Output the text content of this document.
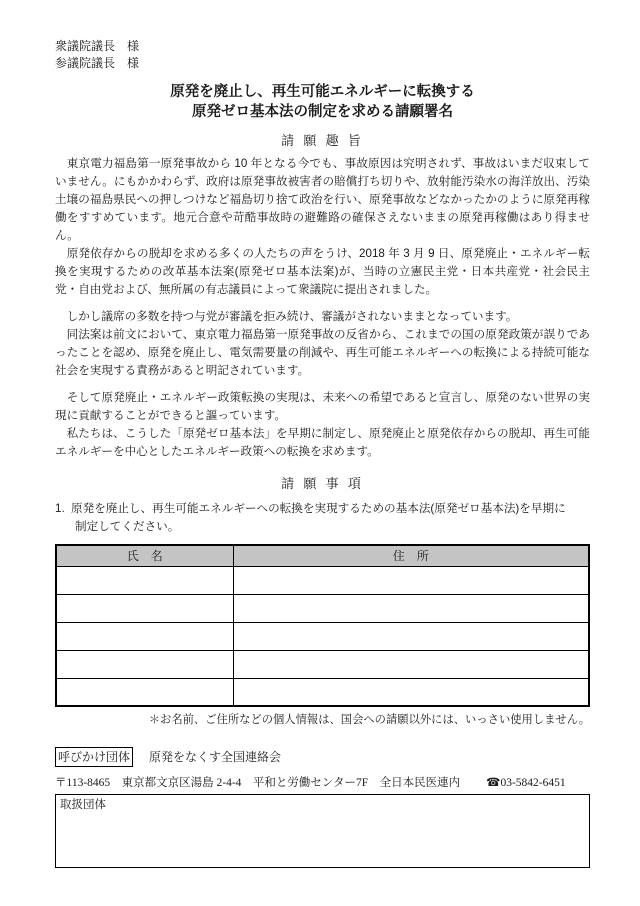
衆議院議長　様
参議院議長　様
原発を廃止し、再生可能エネルギーに転換する
原発ゼロ基本法の制定を求める請願署名
請 願 趣 旨

　東京電力福島第一原発事故から 10 年となる今でも、事故原因は究明されず、事故はいまだ収束していません。にもかかわらず、政府は原発事故被害者の賠償打ち切りや、放射能汚染水の海洋放出、汚染土壌の福島県民への押しつけなど福島切り捨て政治を行い、原発事故などなかったかのように原発再稼働をすすめています。地元合意や苛酷事故時の避難路の確保さえないままの原発再稼働はあり得ません。

　原発依存からの脱却を求める多くの人たちの声をうけ、2018 年 3 月 9 日、原発廃止・エネルギー転換を実現するための改革基本法案(原発ゼロ基本法案)が、当時の立憲民主党・日本共産党・社会民主党・自由党および、無所属の有志議員によって衆議院に提出されました。

　しかし議席の多数を持つ与党が審議を拒み続け、審議がされないままとなっています。

　同法案は前文において、東京電力福島第一原発事故の反省から、これまでの国の原発政策が誤りであったことを認め、原発を廃止し、電気需要量の削減や、再生可能エネルギーへの転換による持続可能な社会を実現する責務があると明記されています。

　そして原発廃止・エネルギー政策転換の実現は、未来への希望であると宣言し、原発のない世界の実現に貢献することができると謳っています。

　私たちは、こうした「原発ゼロ基本法」を早期に制定し、原発廃止と原発依存からの脱却、再生可能エネルギーを中心としたエネルギー政策への転換を求めます。

請 願 事 項
1. 原発を廃止し、再生可能エネルギーへの転換を実現するための基本法(原発ゼロ基本法)を早期に
制定してください。
氏　名	住　所

＊お名前、ご住所などの個人情報は、国会への請願以外には、いっさい使用しません。
呼びかけ団体 原発をなくす全国連絡会
〒113-8465　東京都文京区湯島 2-4-4　平和と労働センター7F　全日本民医連内 ☎03-5842-6451
取扱団体
